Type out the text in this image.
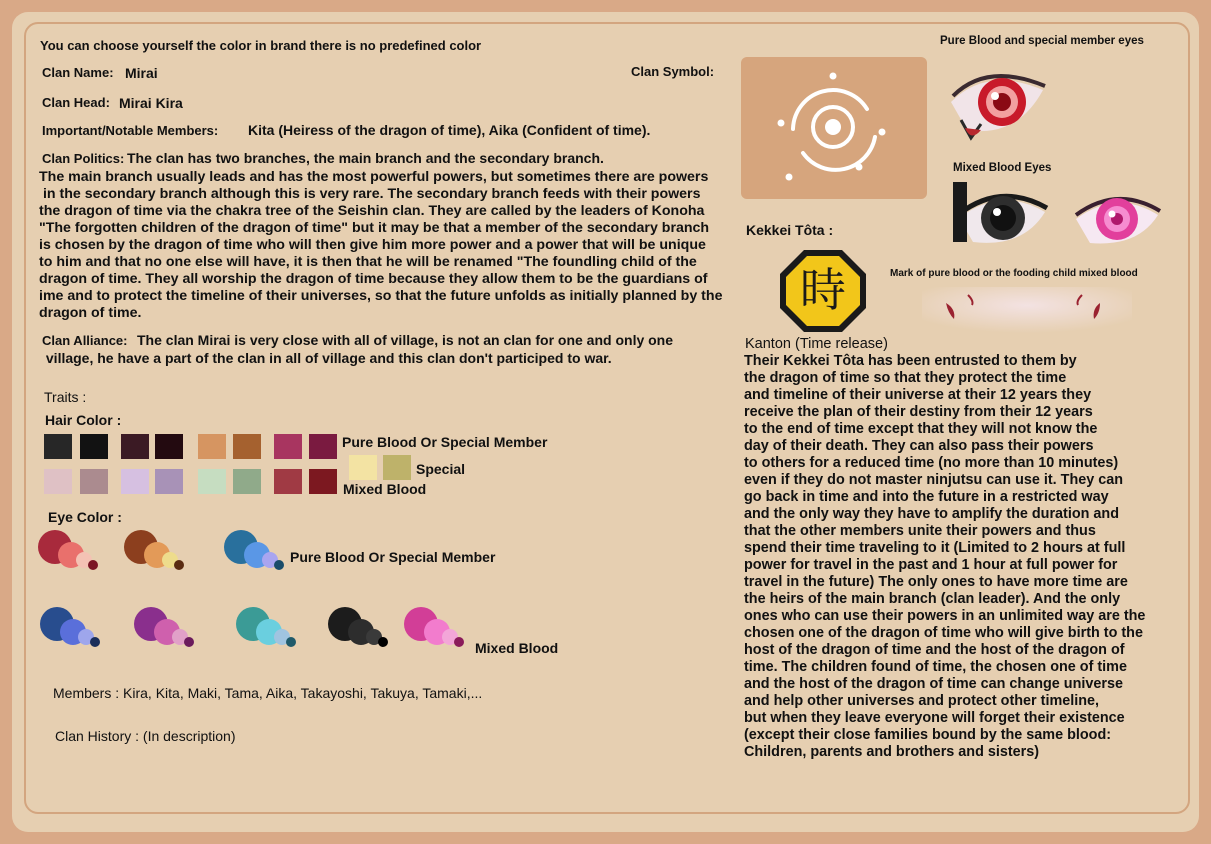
You can choose yourself the color in brand there is no predefined color
Clan Name: Mirai
Clan Head: Mirai Kira
Important/Notable Members: Kita (Heiress of the dragon of time), Aika (Confident of time).
Clan Politics: The clan has two branches, the main branch and the secondary branch.
The main branch usually leads and has the most powerful powers, but sometimes there are powers
in the secondary branch although this is very rare. The secondary branch feeds with their powers
the dragon of time via the chakra tree of the Seishin clan. They are called by the leaders of Konoha
"The forgotten children of the dragon of time" but it may be that a member of the secondary branch
is chosen by the dragon of time who will then give him more power and a power that will be unique
to him and that no one else will have, it is then that he will be renamed "The foundling child of the
dragon of time. They all worship the dragon of time because they allow them to be the guardians of
ime and to protect the timeline of their universes, so that the future unfolds as initially planned by the
dragon of time.
Clan Alliance: The clan Mirai is very close with all of village, is not an clan for one and only one
village, he have a part of the clan in all of village and this clan don't participed to war.
Traits :
Hair Color :
Pure Blood Or Special Member
Special
Mixed Blood
Eye Color :
Pure Blood Or Special Member
Mixed Blood
Members : Kira, Kita, Maki, Tama, Aika, Takayoshi, Takuya, Tamaki,...
Clan History : (In description)
Clan Symbol:
Pure Blood and special member eyes
Mixed Blood Eyes
Mark of pure blood or the fooding child mixed blood
Kekkei Tôta :
時
Kanton (Time release)
Their Kekkei Tôta has been entrusted to them by
the dragon of time so that they protect the time
and timeline of their universe at their 12 years they
receive the plan of their destiny from their 12 years
to the end of time except that they will not know the
day of their death. They can also pass their powers
to others for a reduced time (no more than 10 minutes)
even if they do not master ninjutsu can use it. They can
go back in time and into the future in a restricted way
and the only way they have to amplify the duration and
that the other members unite their powers and thus
spend their time traveling to it (Limited to 2 hours at full
power for travel in the past and 1 hour at full power for
travel in the future) The only ones to have more time are
the heirs of the main branch (clan leader). And the only
ones who can use their powers in an unlimited way are the
chosen one of the dragon of time who will give birth to the
host of the dragon of time and the host of the dragon of
time. The children found of time, the chosen one of time
and the host of the dragon of time can change universe
and help other universes and protect other timeline,
but when they leave everyone will forget their existence
(except their close families bound by the same blood:
Children, parents and brothers and sisters)
